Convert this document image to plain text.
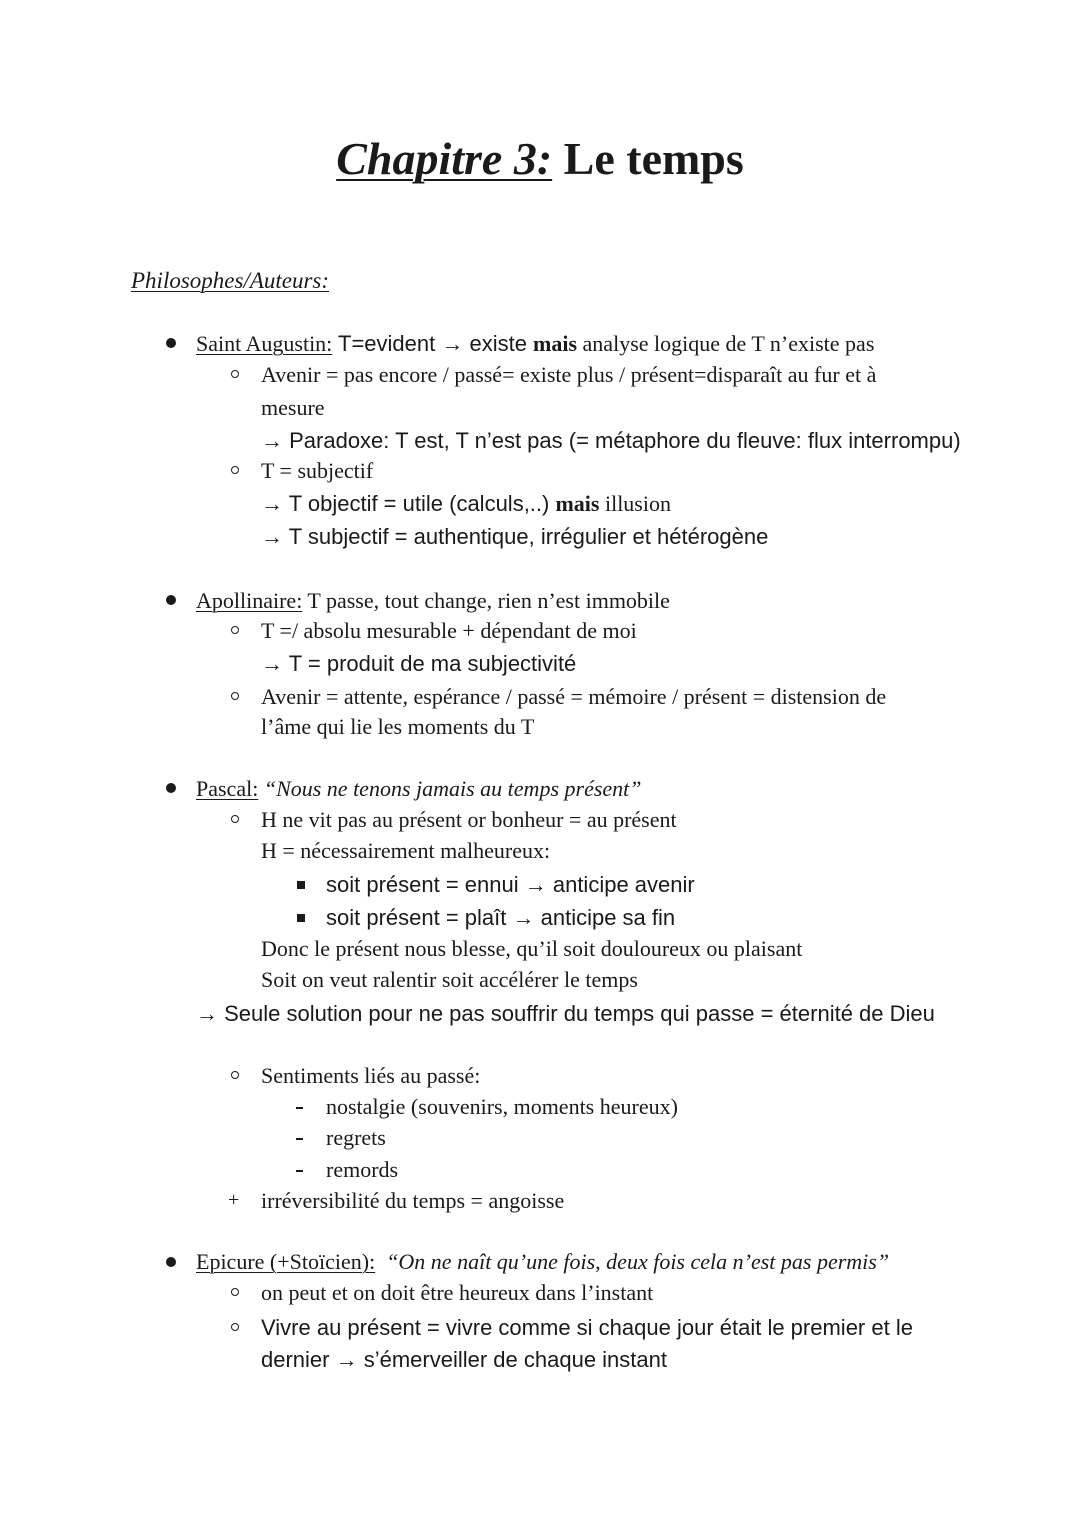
Chapitre 3: Le temps
Philosophes/Auteurs:
Saint Augustin: T=evident → existe mais analyse logique de T n’existe pas
Avenir = pas encore / passé= existe plus / présent=disparaît au fur et à
mesure
→ Paradoxe: T est, T n’est pas (= métaphore du fleuve: flux interrompu)
T = subjectif
→ T objectif = utile (calculs,..) mais illusion
→ T subjectif = authentique, irrégulier et hétérogène
Apollinaire: T passe, tout change, rien n’est immobile
T =/ absolu mesurable + dépendant de moi
→ T = produit de ma subjectivité
Avenir = attente, espérance / passé = mémoire / présent = distension de
l’âme qui lie les moments du T
Pascal: “Nous ne tenons jamais au temps présent”
H ne vit pas au présent or bonheur = au présent
H = nécessairement malheureux:
soit présent = ennui → anticipe avenir
soit présent = plaît → anticipe sa fin
Donc le présent nous blesse, qu’il soit douloureux ou plaisant
Soit on veut ralentir soit accélérer le temps
→ Seule solution pour ne pas souffrir du temps qui passe = éternité de Dieu
Sentiments liés au passé:
nostalgie (souvenirs, moments heureux)
regrets
remords
+ irréversibilité du temps = angoisse
Epicure (+Stoïcien): “On ne naît qu’une fois, deux fois cela n’est pas permis”
on peut et on doit être heureux dans l’instant
Vivre au présent = vivre comme si chaque jour était le premier et le
dernier → s’émerveiller de chaque instant
